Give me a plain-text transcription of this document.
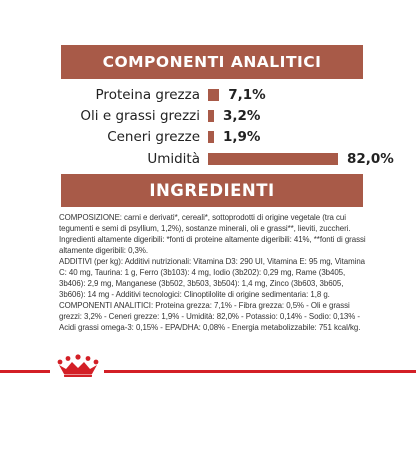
COMPONENTI ANALITICI
Proteina grezza 7,1%
Oli e grassi grezzi 3,2%
Ceneri grezze 1,9%
Umidità	82,0%
INGREDIENTI

COMPOSIZIONE: carni e derivati*, cereali*, sottoprodotti di origine vegetale (tra cui tegumenti e semi di psyllium, 1,2%), sostanze minerali, oli e grassi**, lieviti, zuccheri. Ingredienti altamente digeribili: *fonti di proteine altamente digeribili: 41%, **fonti di grassi altamente digeribili: 0,3%.

ADDITIVI (per kg): Additivi nutrizionali: Vitamina D3: 290 UI, Vitamina E: 95 mg, Vitamina C: 40 mg, Taurina: 1 g, Ferro (3b103): 4 mg, Iodio (3b202): 0,29 mg, Rame (3b405, 3b406): 2,9 mg, Manganese (3b502, 3b503, 3b504): 1,4 mg, Zinco (3b603, 3b605, 3b606): 14 mg - Additivi tecnologici: Clinoptilolite di origine sedimentaria: 1,8 g.

COMPONENTI ANALITICI: Proteina grezza: 7,1% - Fibra grezza: 0,5% - Oli e grassi grezzi: 3,2% - Ceneri grezze: 1,9% - Umidità: 82,0% - Potassio: 0,14% - Sodio: 0,13% - Acidi grassi omega-3: 0,15% - EPA/DHA: 0,08% - Energia metabolizzabile: 751 kcal/kg.
